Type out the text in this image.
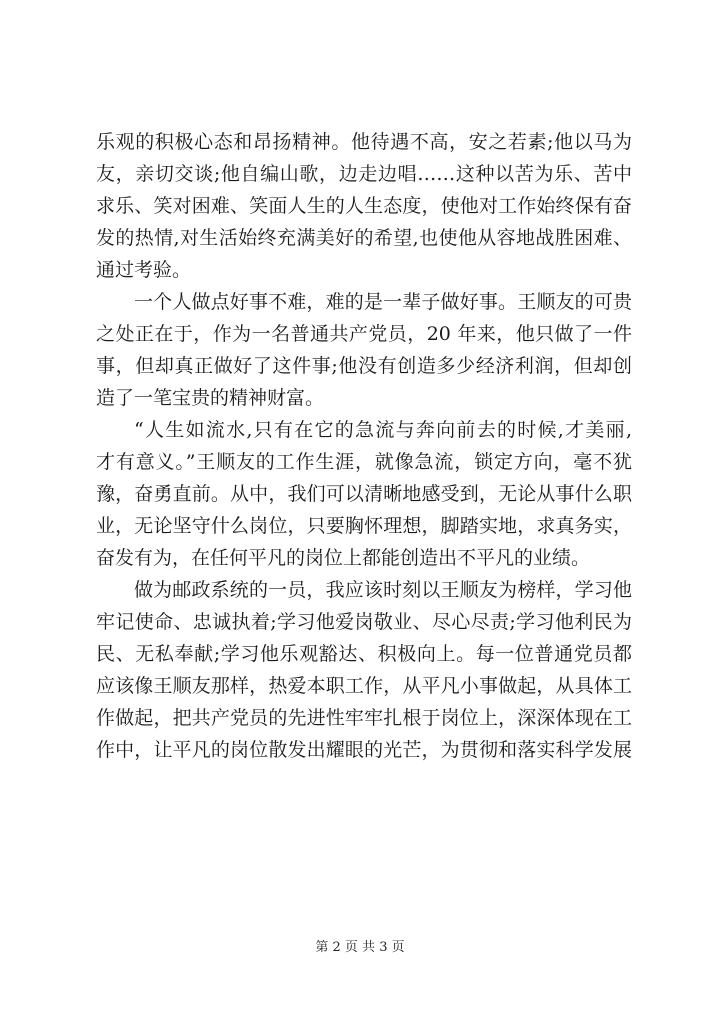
乐观的积极心态和昂扬精神。他待遇不高，安之若素;他以马为
友，亲切交谈;他自编山歌，边走边唱……这种以苦为乐、苦中
求乐、笑对困难、笑面人生的人生态度，使他对工作始终保有奋
发的热情,对生活始终充满美好的希望,也使他从容地战胜困难、
通过考验。

一个人做点好事不难，难的是一辈子做好事。王顺友的可贵
之处正在于，作为一名普通共产党员，20 年来，他只做了一件
事，但却真正做好了这件事;他没有创造多少经济利润，但却创
造了一笔宝贵的精神财富。

“人生如流水,只有在它的急流与奔向前去的时候,才美丽,
才有意义。”王顺友的工作生涯，就像急流，锁定方向，毫不犹
豫，奋勇直前。从中，我们可以清晰地感受到，无论从事什么职
业，无论坚守什么岗位，只要胸怀理想，脚踏实地，求真务实，
奋发有为，在任何平凡的岗位上都能创造出不平凡的业绩。

做为邮政系统的一员，我应该时刻以王顺友为榜样，学习他
牢记使命、忠诚执着;学习他爱岗敬业、尽心尽责;学习他利民为
民、无私奉献;学习他乐观豁达、积极向上。每一位普通党员都
应该像王顺友那样，热爱本职工作，从平凡小事做起，从具体工
作做起，把共产党员的先进性牢牢扎根于岗位上，深深体现在工
作中，让平凡的岗位散发出耀眼的光芒，为贯彻和落实科学发展

第 2 页 共 3 页
